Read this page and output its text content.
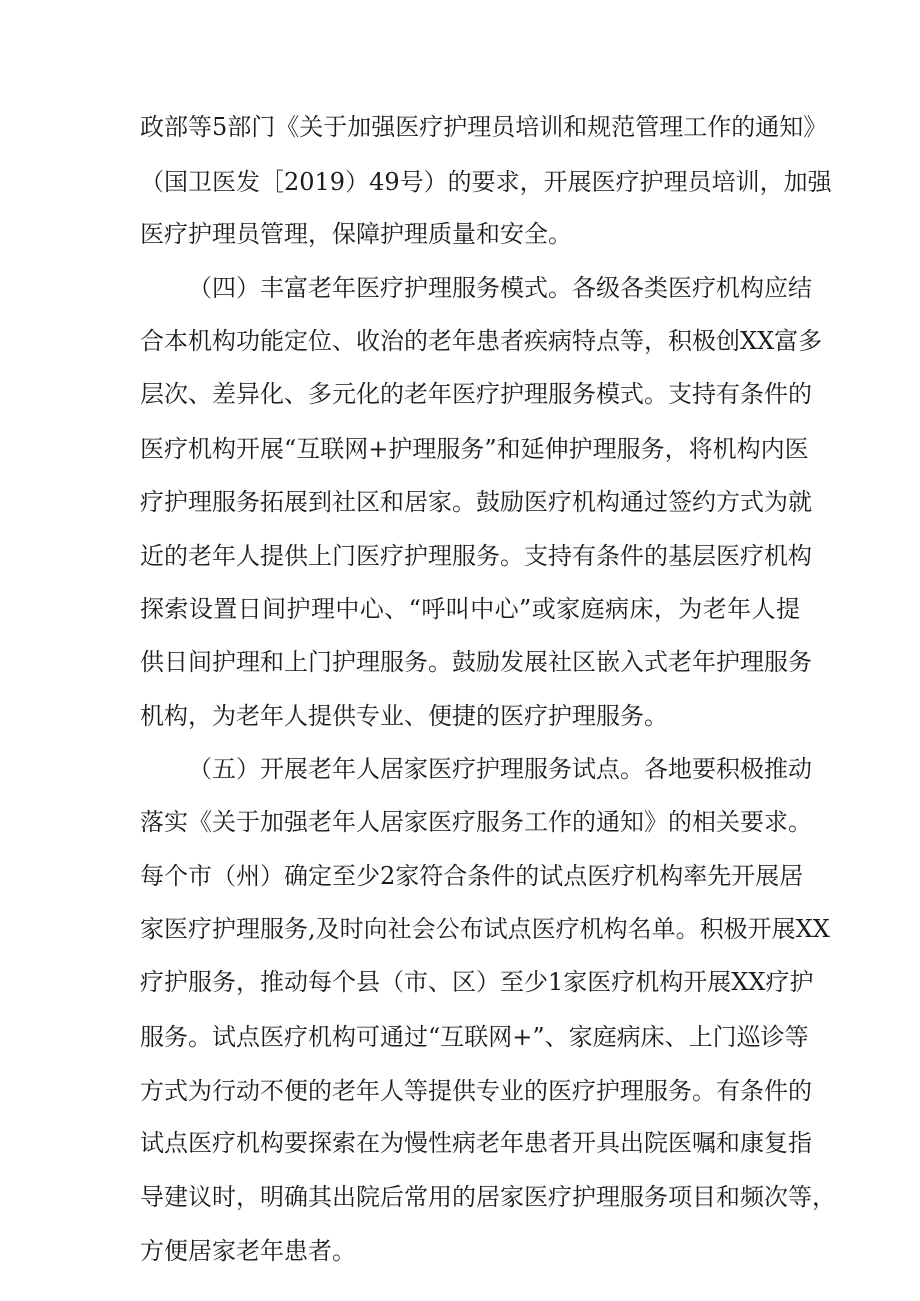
政部等5部门《关于加强医疗护理员培训和规范管理工作的通知》
（国卫医发［2019）49号）的要求，开展医疗护理员培训，加强
医疗护理员管理，保障护理质量和安全。
（四）丰富老年医疗护理服务模式。各级各类医疗机构应结
合本机构功能定位、收治的老年患者疾病特点等，积极创XX富多
层次、差异化、多元化的老年医疗护理服务模式。支持有条件的
医疗机构开展“互联网+护理服务”和延伸护理服务，将机构内医
疗护理服务拓展到社区和居家。鼓励医疗机构通过签约方式为就
近的老年人提供上门医疗护理服务。支持有条件的基层医疗机构
探索设置日间护理中心、“呼叫中心”或家庭病床，为老年人提
供日间护理和上门护理服务。鼓励发展社区嵌入式老年护理服务
机构，为老年人提供专业、便捷的医疗护理服务。
（五）开展老年人居家医疗护理服务试点。各地要积极推动
落实《关于加强老年人居家医疗服务工作的通知》的相关要求。
每个市（州）确定至少2家符合条件的试点医疗机构率先开展居
家医疗护理服务,及时向社会公布试点医疗机构名单。积极开展XX
疗护服务，推动每个县（市、区）至少1家医疗机构开展XX疗护
服务。试点医疗机构可通过“互联网+”、家庭病床、上门巡诊等
方式为行动不便的老年人等提供专业的医疗护理服务。有条件的
试点医疗机构要探索在为慢性病老年患者开具出院医嘱和康复指
导建议时，明确其出院后常用的居家医疗护理服务项目和频次等，
方便居家老年患者。
